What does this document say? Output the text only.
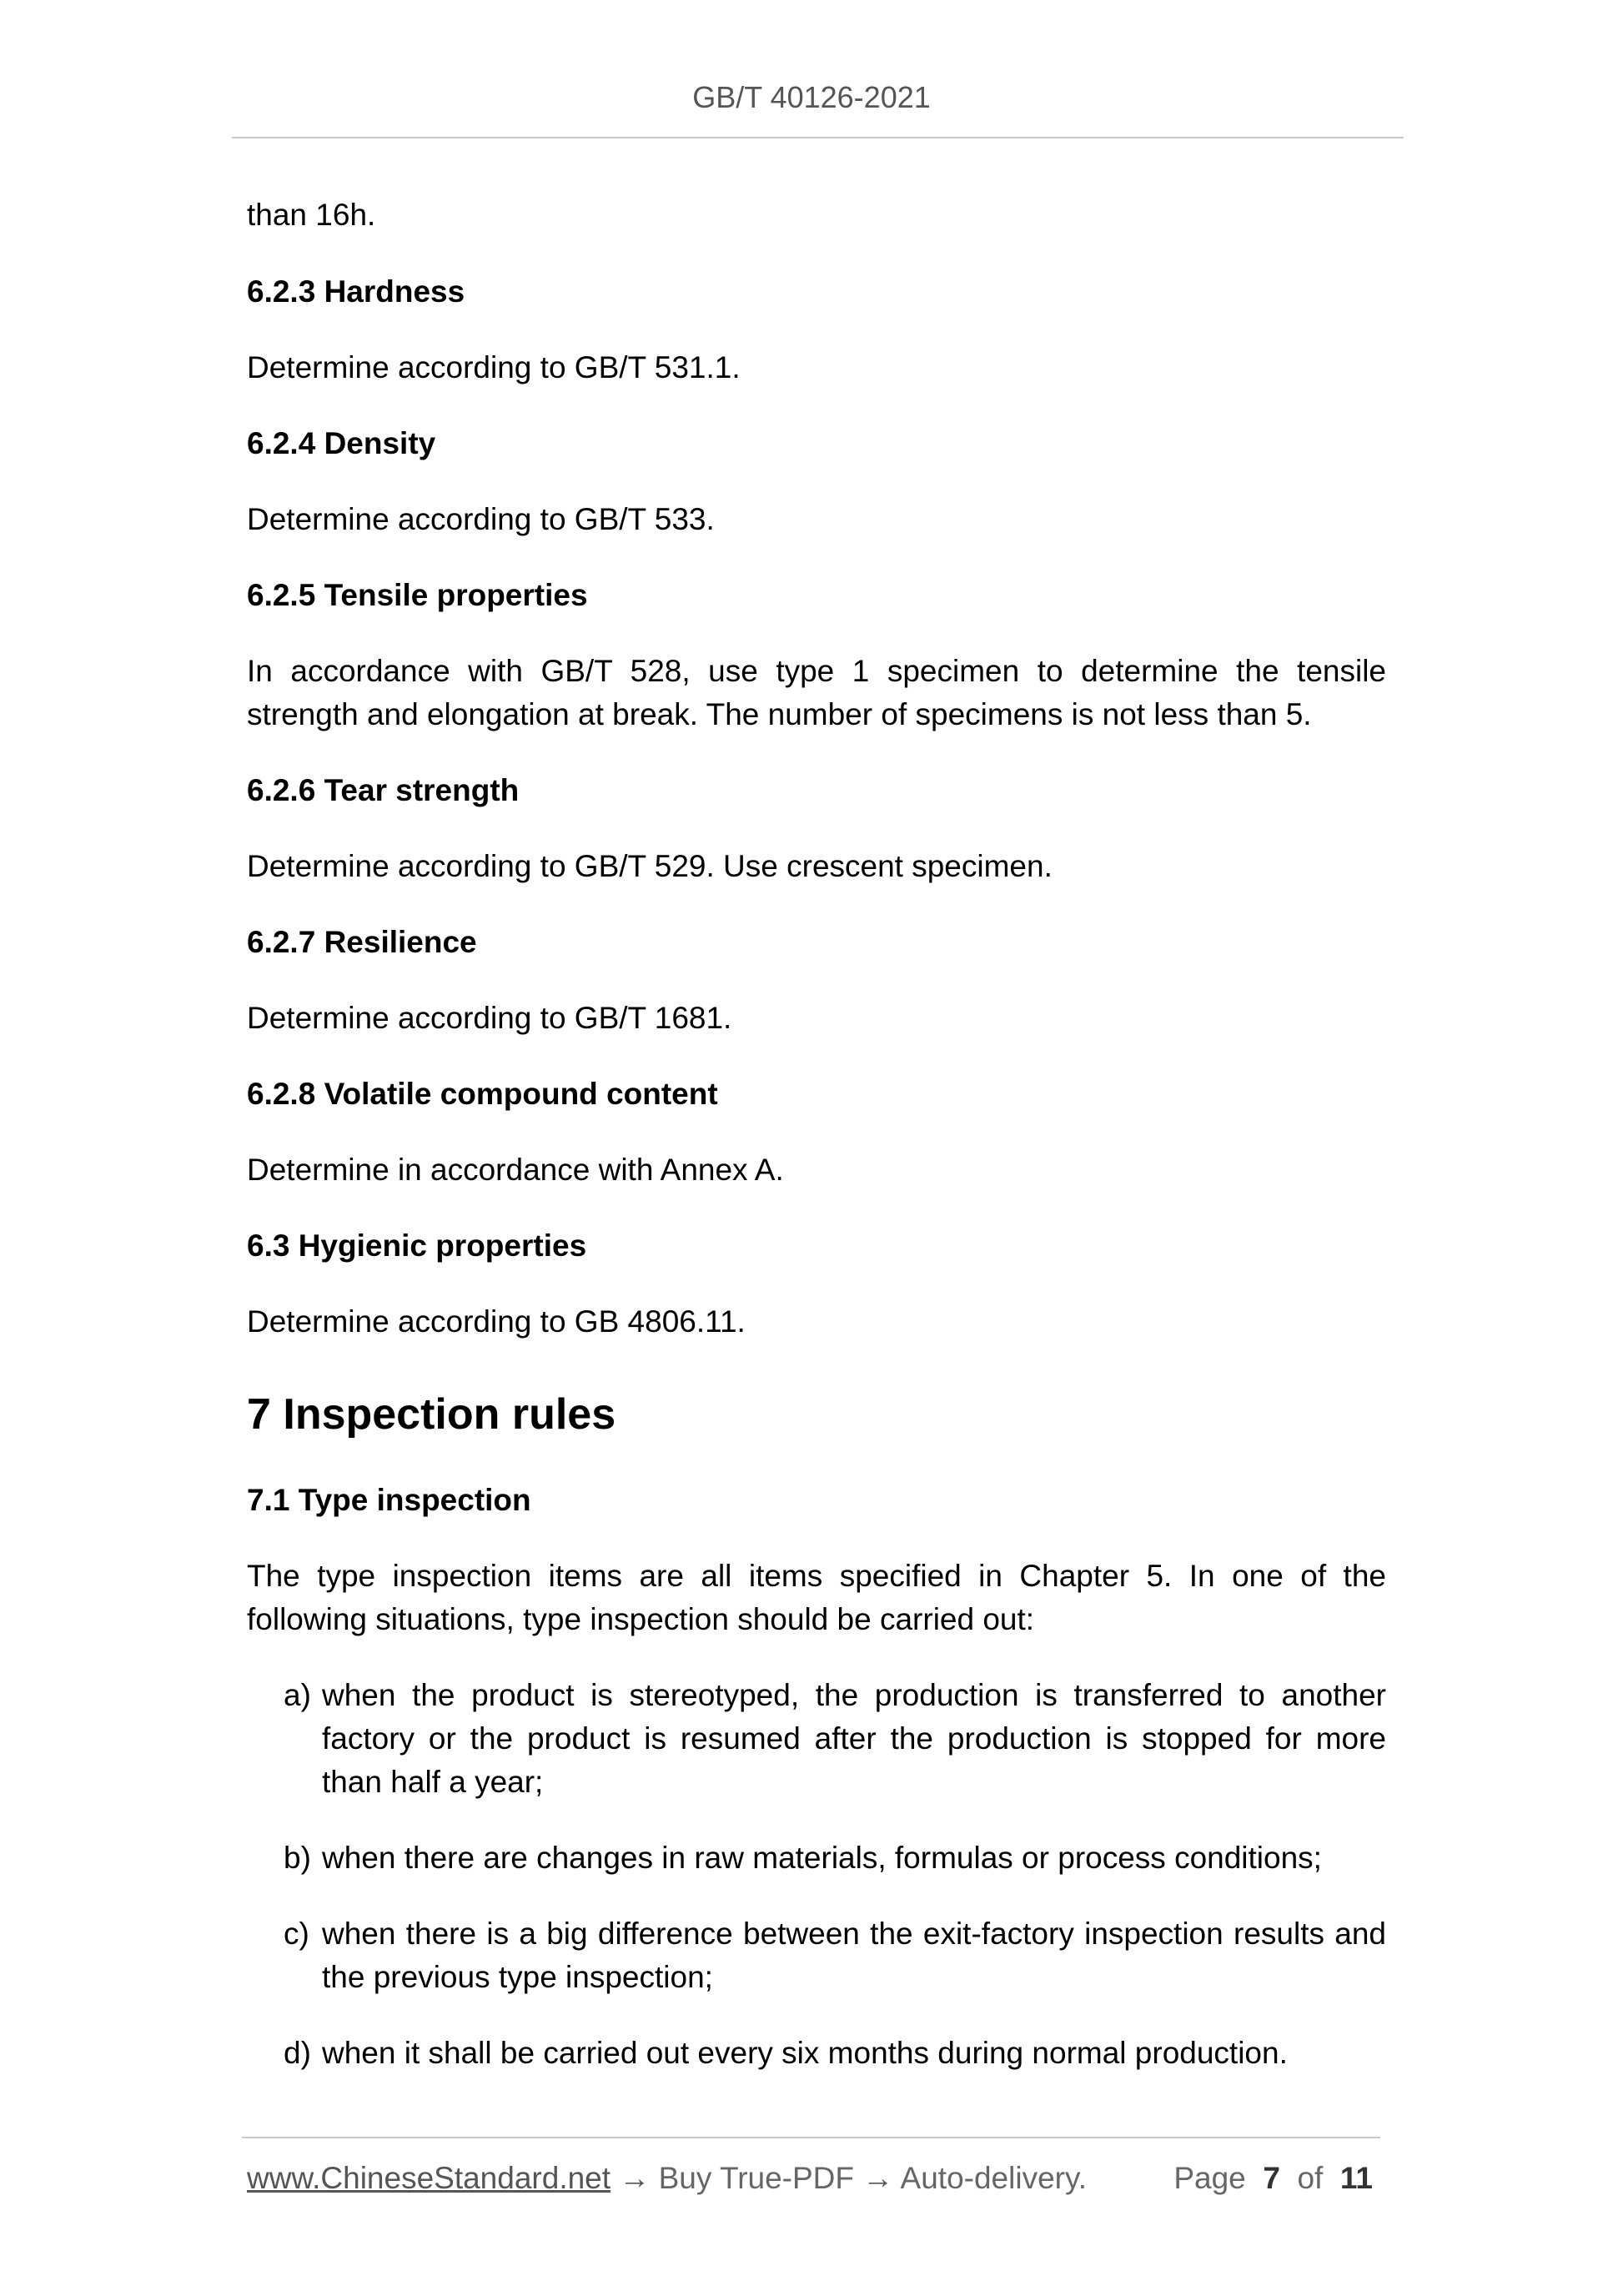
GB/T 40126-2021

than 16h.

6.2.3 Hardness

Determine according to GB/T 531.1.

6.2.4 Density

Determine according to GB/T 533.

6.2.5 Tensile properties

In accordance with GB/T 528, use type 1 specimen to determine the tensile strength and elongation at break. The number of specimens is not less than 5.

6.2.6 Tear strength

Determine according to GB/T 529. Use crescent specimen.

6.2.7 Resilience

Determine according to GB/T 1681.

6.2.8 Volatile compound content

Determine in accordance with Annex A.

6.3 Hygienic properties

Determine according to GB 4806.11.

7 Inspection rules

7.1 Type inspection

The type inspection items are all items specified in Chapter 5. In one of the following situations, type inspection should be carried out:

a) when the product is stereotyped, the production is transferred to another factory or the product is resumed after the production is stopped for more than half a year;
b) when there are changes in raw materials, formulas or process conditions;
c) when there is a big difference between the exit-factory inspection results and the previous type inspection;
d) when it shall be carried out every six months during normal production.
www.ChineseStandard.net → Buy True-PDF → Auto-delivery.	Page 7 of 11
